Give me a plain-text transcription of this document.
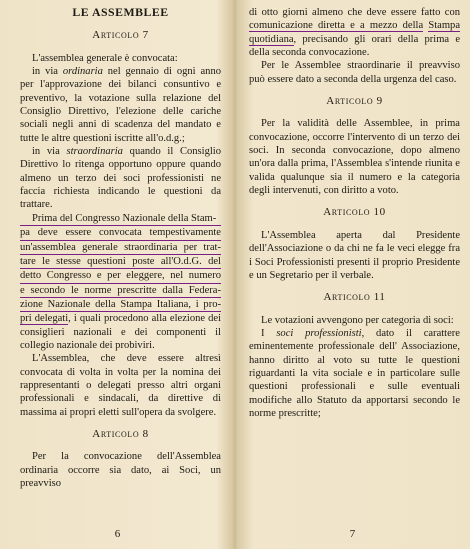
LE ASSEMBLEE
Articolo 7

L'assemblea generale è convocata:

in via ordinaria nel gennaio di ogni anno per l'approvazione dei bilanci consuntivo e preventivo, la votazione sulla relazione del Consiglio Direttivo, l'elezione delle cariche sociali negli anni di scadenza del mandato e tutte le altre questioni iscritte all'o.d.g.;

in via straordinaria quando il Consiglio Direttivo lo ritenga opportuno oppure quando almeno un terzo dei soci professionisti ne faccia richiesta indicando le questioni da trattare.

Prima del Congresso Nazionale della Stam-
pa deve essere convocata tempestivamente
un'assemblea generale straordinaria per trat-
tare le stesse questioni poste all'O.d.G. del
detto Congresso e per eleggere, nel numero
e secondo le norme prescritte dalla Federa-
zione Nazionale della Stampa Italiana, i pro-

pri delegati, i quali procedono alla elezione dei consiglieri nazionali e dei componenti il collegio nazionale dei probiviri.

L'Assemblea, che deve essere altresì convocata di volta in volta per la nomina dei rappresentanti o delegati presso altri organi professionali e sindacali, da direttive di massima ai propri eletti sull'opera da svolgere.

Articolo 8

Per la convocazione dell'Assemblea ordinaria occorre sia dato, ai Soci, un preavviso

6

di otto giorni almeno che deve essere fatto con comunicazione diretta e a mezzo della Stampa quotidiana, precisando gli orari della prima e della seconda convocazione.

Per le Assemblee straordinarie il preavviso può essere dato a seconda della urgenza del caso.

Articolo 9

Per la validità delle Assemblee, in prima convocazione, occorre l'intervento di un terzo dei soci. In seconda convocazione, dopo almeno un'ora dalla prima, l'Assemblea s'intende riunita e valida qualunque sia il numero e la categoria degli intervenuti, con diritto a voto.

Articolo 10

L'Assemblea aperta dal Presidente dell'Associazione o da chi ne fa le veci elegge fra i Soci Professionisti presenti il proprio Presidente e un Segretario per il verbale.

Articolo 11

Le votazioni avvengono per categoria di soci:

I soci professionisti, dato il carattere eminentemente professionale dell' Associazione, hanno diritto al voto su tutte le questioni riguardanti la vita sociale e in particolare sulle questioni professionali e sulle eventuali modifiche allo Statuto da apportarsi secondo le norme prescritte;

7
